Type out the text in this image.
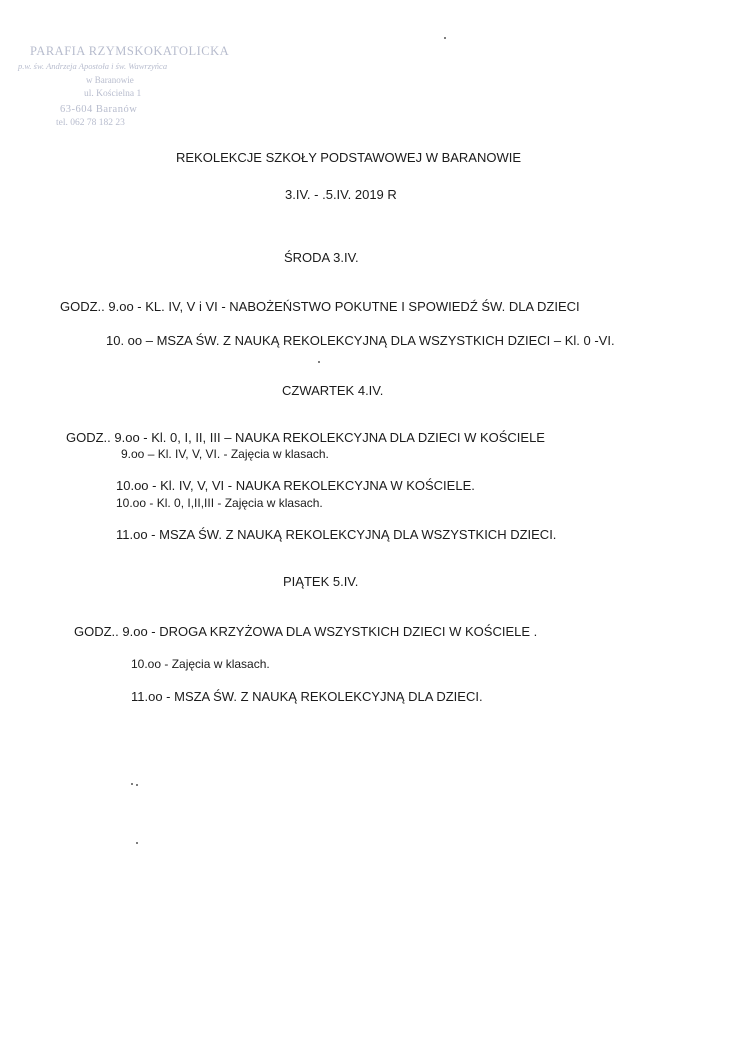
PARAFIA RZYMSKOKATOLICKA
p.w. św. Andrzeja Apostoła i św. Wawrzyńca
w Baranowie
ul. Kościelna 1
63-604 Baranów
tel. 062 78 182 23
REKOLEKCJE SZKOŁY PODSTAWOWEJ W BARANOWIE
3.IV. - .5.IV. 2019 R
ŚRODA 3.IV.
GODZ.. 9.oo - KL. IV, V i VI - NABOŻEŃSTWO POKUTNE I SPOWIEDŹ ŚW. DLA DZIECI
10. oo – MSZA ŚW. Z NAUKĄ REKOLEKCYJNĄ DLA WSZYSTKICH DZIECI – Kl. 0 -VI.
CZWARTEK 4.IV.
GODZ.. 9.oo - Kl. 0, I, II, III – NAUKA REKOLEKCYJNA DLA DZIECI W KOŚCIELE
9.oo – Kl. IV, V, VI. - Zajęcia w klasach.
10.oo - Kl. IV, V, VI - NAUKA REKOLEKCYJNA W KOŚCIELE.
10.oo - Kl. 0, I,II,III - Zajęcia w klasach.
11.oo - MSZA ŚW. Z NAUKĄ REKOLEKCYJNĄ DLA WSZYSTKICH DZIECI.
PIĄTEK 5.IV.
GODZ.. 9.oo - DROGA KRZYŻOWA DLA WSZYSTKICH DZIECI W KOŚCIELE .
10.oo - Zajęcia w klasach.
11.oo - MSZA ŚW. Z NAUKĄ REKOLEKCYJNĄ DLA DZIECI.
